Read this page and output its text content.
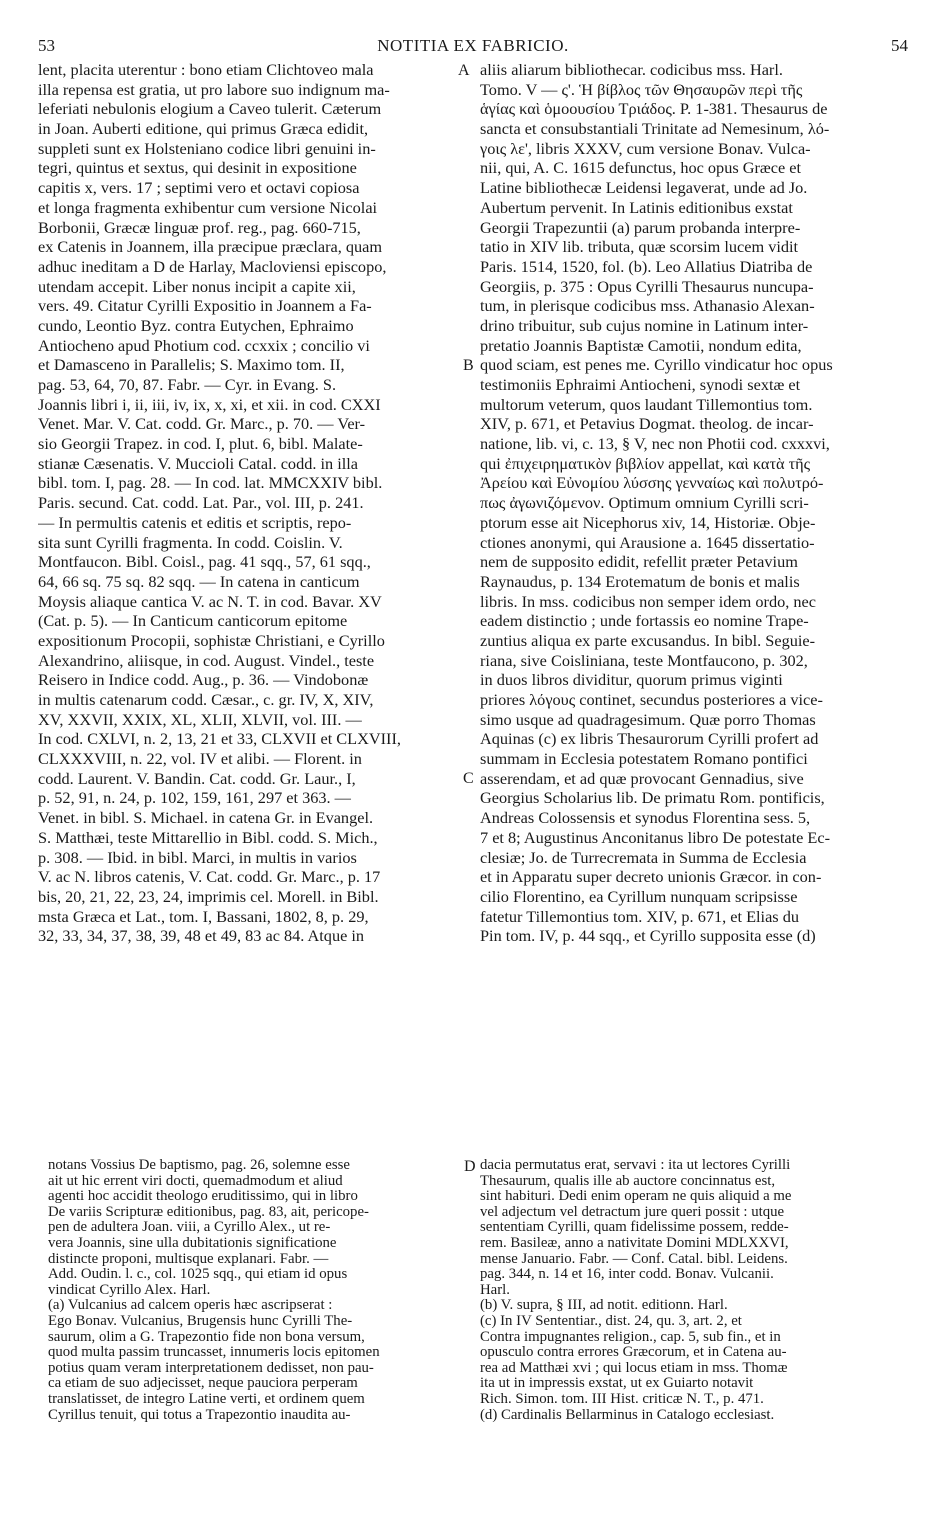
53	NOTITIA EX FABRICIO.	54
lent, placita uterentur : bono etiam Clichtoveo mala
illa repensa est gratia, ut pro labore suo indignum ma-
leferiati nebulonis elogium a Caveo tulerit. Cæterum
in Joan. Auberti editione, qui primus Græca edidit,
suppleti sunt ex Holsteniano codice libri genuini in-
tegri, quintus et sextus, qui desinit in expositione
capitis x, vers. 17 ; septimi vero et octavi copiosa
et longa fragmenta exhibentur cum versione Nicolai
Borbonii, Græcæ linguæ prof. reg., pag. 660-715,
ex Catenis in Joannem, illa præcipue præclara, quam
adhuc ineditam a D de Harlay, Macloviensi episcopo,
utendam accepit. Liber nonus incipit a capite xii,
vers. 49. Citatur Cyrilli Expositio in Joannem a Fa-
cundo, Leontio Byz. contra Eutychen, Ephraimo
Antiocheno apud Photium cod. ccxxix ; concilio vi
et Damasceno in Parallelis; S. Maximo tom. II,
pag. 53, 64, 70, 87. Fabr. — Cyr. in Evang. S.
Joannis libri i, ii, iii, iv, ix, x, xi, et xii. in cod. CXXI
Venet. Mar. V. Cat. codd. Gr. Marc., p. 70. — Ver-
sio Georgii Trapez. in cod. I, plut. 6, bibl. Malate-
stianæ Cæsenatis. V. Muccioli Catal. codd. in illa
bibl. tom. I, pag. 28. — In cod. lat. MMCXXIV bibl.
Paris. secund. Cat. codd. Lat. Par., vol. III, p. 241.
— In permultis catenis et editis et scriptis, repo-
sita sunt Cyrilli fragmenta. In codd. Coislin. V.
Montfaucon. Bibl. Coisl., pag. 41 sqq., 57, 61 sqq.,
64, 66 sq. 75 sq. 82 sqq. — In catena in canticum
Moysis aliaque cantica V. ac N. T. in cod. Bavar. XV
(Cat. p. 5). — In Canticum canticorum epitome
expositionum Procopii, sophistæ Christiani, e Cyrillo
Alexandrino, aliisque, in cod. August. Vindel., teste
Reisero in Indice codd. Aug., p. 36. — Vindobonæ
in multis catenarum codd. Cæsar., c. gr. IV, X, XIV,
XV, XXVII, XXIX, XL, XLII, XLVII, vol. III. —
In cod. CXLVI, n. 2, 13, 21 et 33, CLXVII et CLXVIII,
CLXXXVIII, n. 22, vol. IV et alibi. — Florent. in
codd. Laurent. V. Bandin. Cat. codd. Gr. Laur., I,
p. 52, 91, n. 24, p. 102, 159, 161, 297 et 363. —
Venet. in bibl. S. Michael. in catena Gr. in Evangel.
S. Matthæi, teste Mittarellio in Bibl. codd. S. Mich.,
p. 308. — Ibid. in bibl. Marci, in multis in varios
V. ac N. libros catenis, V. Cat. codd. Gr. Marc., p. 17
bis, 20, 21, 22, 23, 24, imprimis cel. Morell. in Bibl.
msta Græca et Lat., tom. I, Bassani, 1802, 8, p. 29,
32, 33, 34, 37, 38, 39, 48 et 49, 83 ac 84. Atque in
aliis aliarum bibliothecar. codicibus mss. Harl.
Tomo. V — ς'. Ἡ βίβλος τῶν Θησαυρῶν περὶ τῆς
ἁγίας καὶ ὁμοουσίου Τριάδος. P. 1-381. Thesaurus de
sancta et consubstantiali Trinitate ad Nemesinum, λό-
γοις λε', libris XXXV, cum versione Bonav. Vulca-
nii, qui, A. C. 1615 defunctus, hoc opus Græce et
Latine bibliothecæ Leidensi legaverat, unde ad Jo.
Aubertum pervenit. In Latinis editionibus exstat
Georgii Trapezuntii (a) parum probanda interpre-
tatio in XIV lib. tributa, quæ scorsim lucem vidit
Paris. 1514, 1520, fol. (b). Leo Allatius Diatriba de
Georgiis, p. 375 : Opus Cyrilli Thesaurus nuncupa-
tum, in plerisque codicibus mss. Athanasio Alexan-
drino tribuitur, sub cujus nomine in Latinum inter-
pretatio Joannis Baptistæ Camotii, nondum edita,
quod sciam, est penes me. Cyrillo vindicatur hoc opus
testimoniis Ephraimi Antiocheni, synodi sextæ et
multorum veterum, quos laudant Tillemontius tom.
XIV, p. 671, et Petavius Dogmat. theolog. de incar-
natione, lib. vi, c. 13, § V, nec non Photii cod. cxxxvi,
qui ἐπιχειρηματικὸν βιβλίον appellat, καὶ κατὰ τῆς
Ἀρείου καὶ Εὐνομίου λύσσης γενναίως καὶ πολυτρό-
πως ἀγωνιζόμενον. Optimum omnium Cyrilli scri-
ptorum esse ait Nicephorus xiv, 14, Historiæ. Obje-
ctiones anonymi, qui Arausione a. 1645 dissertatio-
nem de supposito edidit, refellit præter Petavium
Raynaudus, p. 134 Erotematum de bonis et malis
libris. In mss. codicibus non semper idem ordo, nec
eadem distinctio ; unde fortassis eo nomine Trape-
zuntius aliqua ex parte excusandus. In bibl. Seguie-
riana, sive Coisliniana, teste Montfaucono, p. 302,
in duos libros dividitur, quorum primus viginti
priores λόγους continet, secundus posteriores a vice-
simo usque ad quadragesimum. Quæ porro Thomas
Aquinas (c) ex libris Thesaurorum Cyrilli profert ad
summam in Ecclesia potestatem Romano pontifici
asserendam, et ad quæ provocant Gennadius, sive
Georgius Scholarius lib. De primatu Rom. pontificis,
Andreas Colossensis et synodus Florentina sess. 5,
7 et 8; Augustinus Anconitanus libro De potestate Ec-
clesiæ; Jo. de Turrecremata in Summa de Ecclesia
et in Apparatu super decreto unionis Græcor. in con-
cilio Florentino, ea Cyrillum nunquam scripsisse
fatetur Tillemontius tom. XIV, p. 671, et Elias du
Pin tom. IV, p. 44 sqq., et Cyrillo supposita esse (d)
A
B
C
D
notans Vossius De baptismo, pag. 26, solemne esse
ait ut hic errent viri docti, quemadmodum et aliud
agenti hoc accidit theologo eruditissimo, qui in libro
De variis Scripturæ editionibus, pag. 83, ait, pericope-
pen de adultera Joan. viii, a Cyrillo Alex., ut re-
vera Joannis, sine ulla dubitationis significatione
distincte proponi, multisque explanari. Fabr. —
Add. Oudin. l. c., col. 1025 sqq., qui etiam id opus
vindicat Cyrillo Alex. Harl.
(a) Vulcanius ad calcem operis hæc ascripserat :
Ego Bonav. Vulcanius, Brugensis hunc Cyrilli The-
saurum, olim a G. Trapezontio fide non bona versum,
quod multa passim truncasset, innumeris locis epitomen
potius quam veram interpretationem dedisset, non pau-
ca etiam de suo adjecisset, neque pauciora perperam
translatisset, de integro Latine verti, et ordinem quem
Cyrillus tenuit, qui totus a Trapezontio inaudita au-
dacia permutatus erat, servavi : ita ut lectores Cyrilli
Thesaurum, qualis ille ab auctore concinnatus est,
sint habituri. Dedi enim operam ne quis aliquid a me
vel adjectum vel detractum jure queri possit : utque
sententiam Cyrilli, quam fidelissime possem, redde-
rem. Basileæ, anno a nativitate Domini MDLXXVI,
mense Januario. Fabr. — Conf. Catal. bibl. Leidens.
pag. 344, n. 14 et 16, inter codd. Bonav. Vulcanii.
Harl.
(b) V. supra, § III, ad notit. editionn. Harl.
(c) In IV Sententiar., dist. 24, qu. 3, art. 2, et
Contra impugnantes religion., cap. 5, sub fin., et in
opusculo contra errores Græcorum, et in Catena au-
rea ad Matthæi xvi ; qui locus etiam in mss. Thomæ
ita ut in impressis exstat, ut ex Guiarto notavit
Rich. Simon. tom. III Hist. criticæ N. T., p. 471.
(d) Cardinalis Bellarminus in Catalogo ecclesiast.
